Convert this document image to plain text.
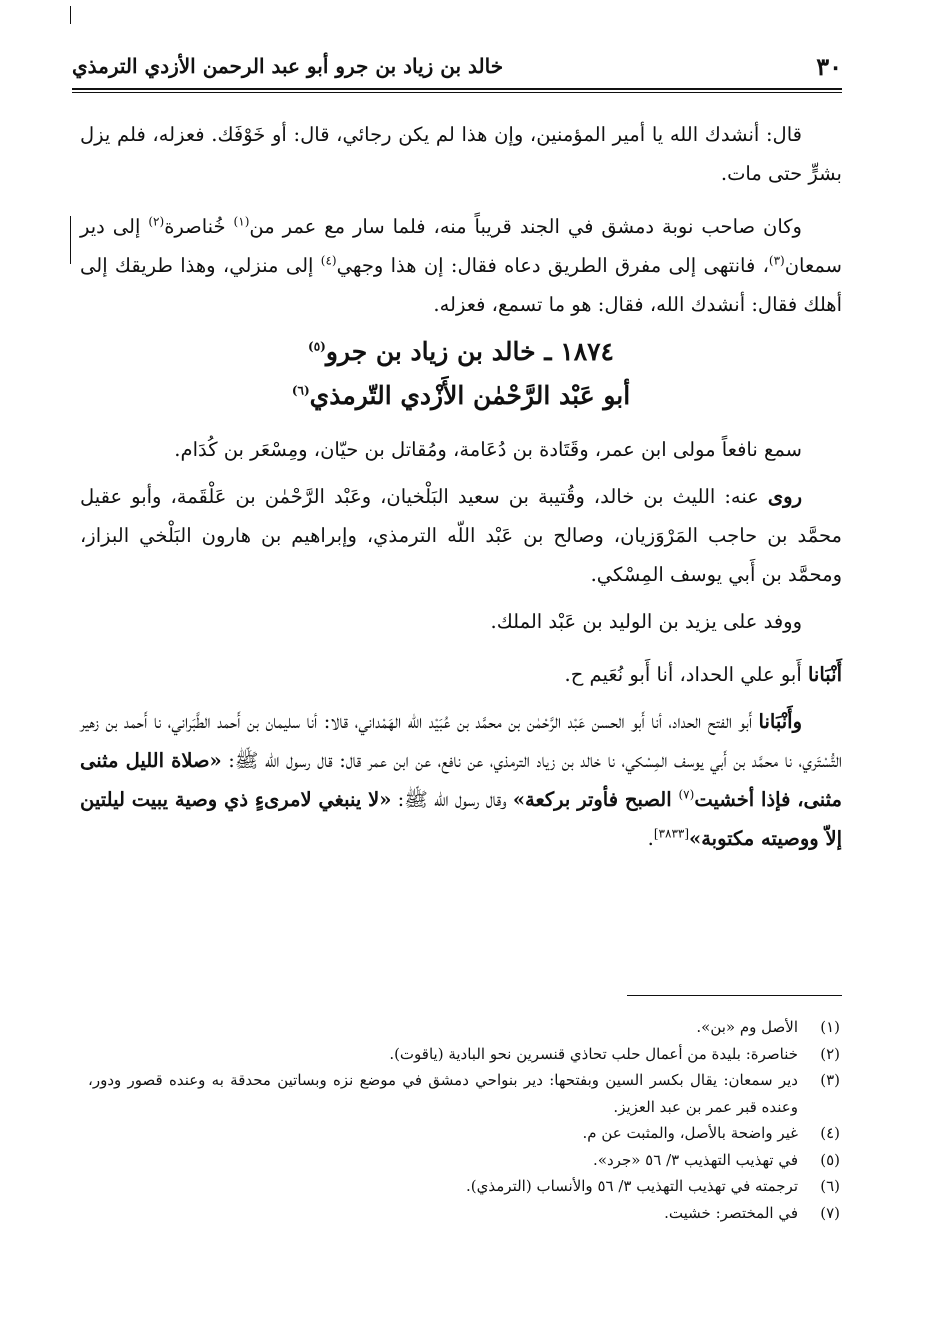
٣٠
خالد بن زياد بن جرو أبو عبد الرحمن الأزدي الترمذي

قال: أنشدك الله يا أمير المؤمنين، وإن هذا لم يكن رجائي، قال: أو خَوْفَك. فعزله، فلم يزل بشرٍّ حتى مات.

وكان صاحب نوبة دمشق في الجند قريباً منه، فلما سار مع عمر من$^{(١)}$ خُناصرة$^{(٢)}$ إلى دير سمعان$^{(٣)}$، فانتهى إلى مفرق الطريق دعاه فقال: إن هذا وجهي$^{(٤)}$ إلى منزلي، وهذا طريقك إلى أهلك فقال: أنشدك الله، فقال: هو ما تسمع، فعزله.

١٨٧٤ ـ خالد بن زياد بن جرو$^{(٥)}$
أبو عَبْد الرَّحْمٰن الأَزْدي التّرمذي$^{(٦)}$

سمع نافعاً مولى ابن عمر، وقَتَادة بن دُعَامة، ومُقاتل بن حيّان، ومِسْعَر بن كُدَام.

روى عنه: الليث بن خالد، وقُتيبة بن سعيد البَلْخيان، وعَبْد الرَّحْمٰن بن عَلْقَمة، وأبو عقيل محمَّد بن حاجب المَرْوَزيان، وصالح بن عَبْد اللّه الترمذي، وإبراهيم بن هارون البَلْخي البزاز، ومحمَّد بن أَبي يوسف المِسْكي.

ووفد على يزيد بن الوليد بن عَبْد الملك.

أَنْبَانا أَبو علي الحداد، أنا أَبو نُعَيم ح.

وأَنْبَانا أَبو الفتح الحداد، أنا أَبو الحسن عَبْد الرَّحْمٰن بن محمَّد بن عُبَيْد اللّه الهَمْداني، قالا: أنا سليمان بن أَحمد الطَّبَراني، نا أَحمد بن زهير التُّسْتَري، نا محمَّد بن أَبي يوسف المِسْكي، نا خالد بن زياد الترمذي، عن نافع، عن ابن عمر قال: قال رسول اللّه ﷺ: «صلاة الليل مثنى مثنى، فإذا أخشيت$^{(٧)}$ الصبح فأوتر بركعة» وقال رسول اللّه ﷺ: «لا ينبغي لامرىءٍ ذي وصية يبيت ليلتين إلاّ ووصيته مكتوبة»[٣٨٣٣].

(١)
الأصل وم «بن».
(٢)
خناصرة: بليدة من أعمال حلب تحاذي قنسرين نحو البادية (ياقوت).
(٣)
دير سمعان: يقال بكسر السين وبفتحها: دير بنواحي دمشق في موضع نزه وبساتين محدقة به وعنده قصور ودور، وعنده قبر عمر بن عبد العزيز.
(٤)
غير واضحة بالأصل، والمثبت عن م.
(٥)
في تهذيب التهذيب ٣/ ٥٦ «جرد».
(٦)
ترجمته في تهذيب التهذيب ٣/ ٥٦ والأنساب (الترمذي).
(٧)
في المختصر: خشيت.
